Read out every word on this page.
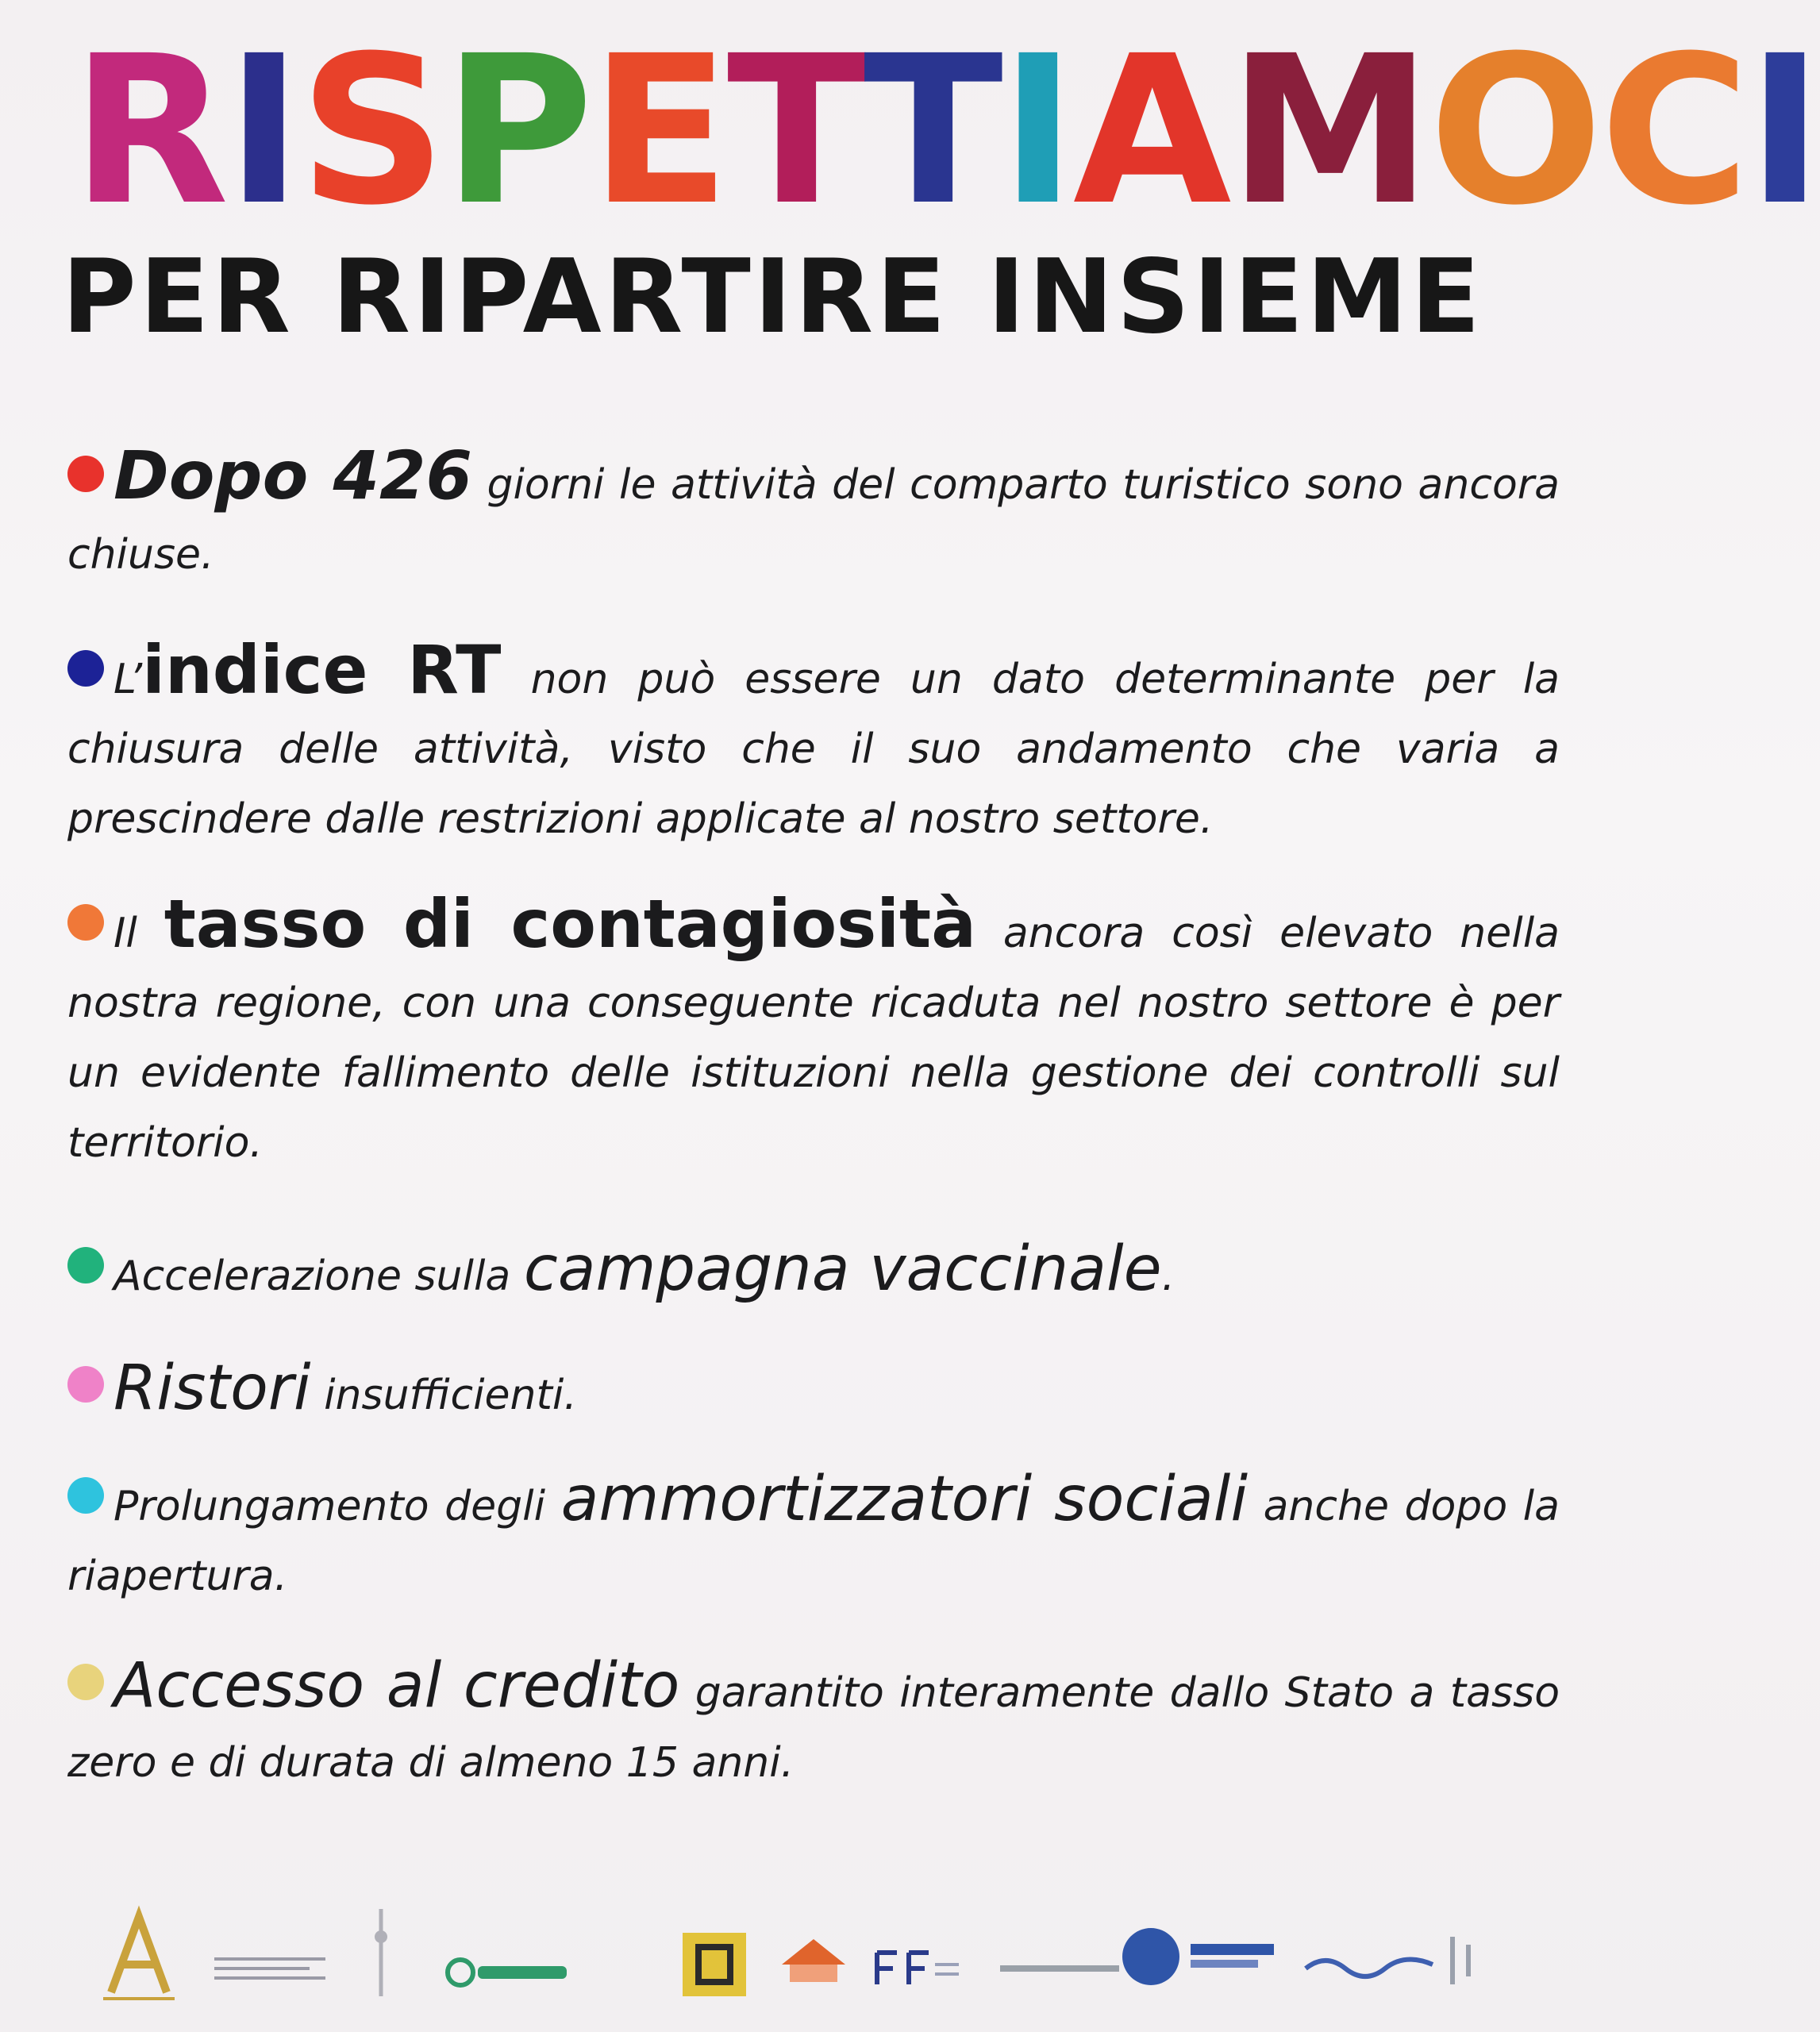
R I S P E T T I A M O C I
PER RIPARTIRE INSIEME
Dopo 426 giorni le attività del comparto turistico sono ancora chiuse.
L’indice RT non può essere un dato determinante per la chiusura delle attività, visto che il suo andamento che varia a prescindere dalle restrizioni applicate al nostro settore.
Il tasso di contagiosità ancora così elevato nella nostra regione, con una conseguente ricaduta nel nostro settore è per un evidente fallimento delle istituzioni nella gestione dei controlli sul territorio.
Accelerazione sulla campagna vaccinale.
Ristori insufficienti.
Prolungamento degli ammortizzatori sociali anche dopo la riapertura.
Accesso al credito garantito interamente dallo Stato a tasso zero e di durata di almeno 15 anni.
